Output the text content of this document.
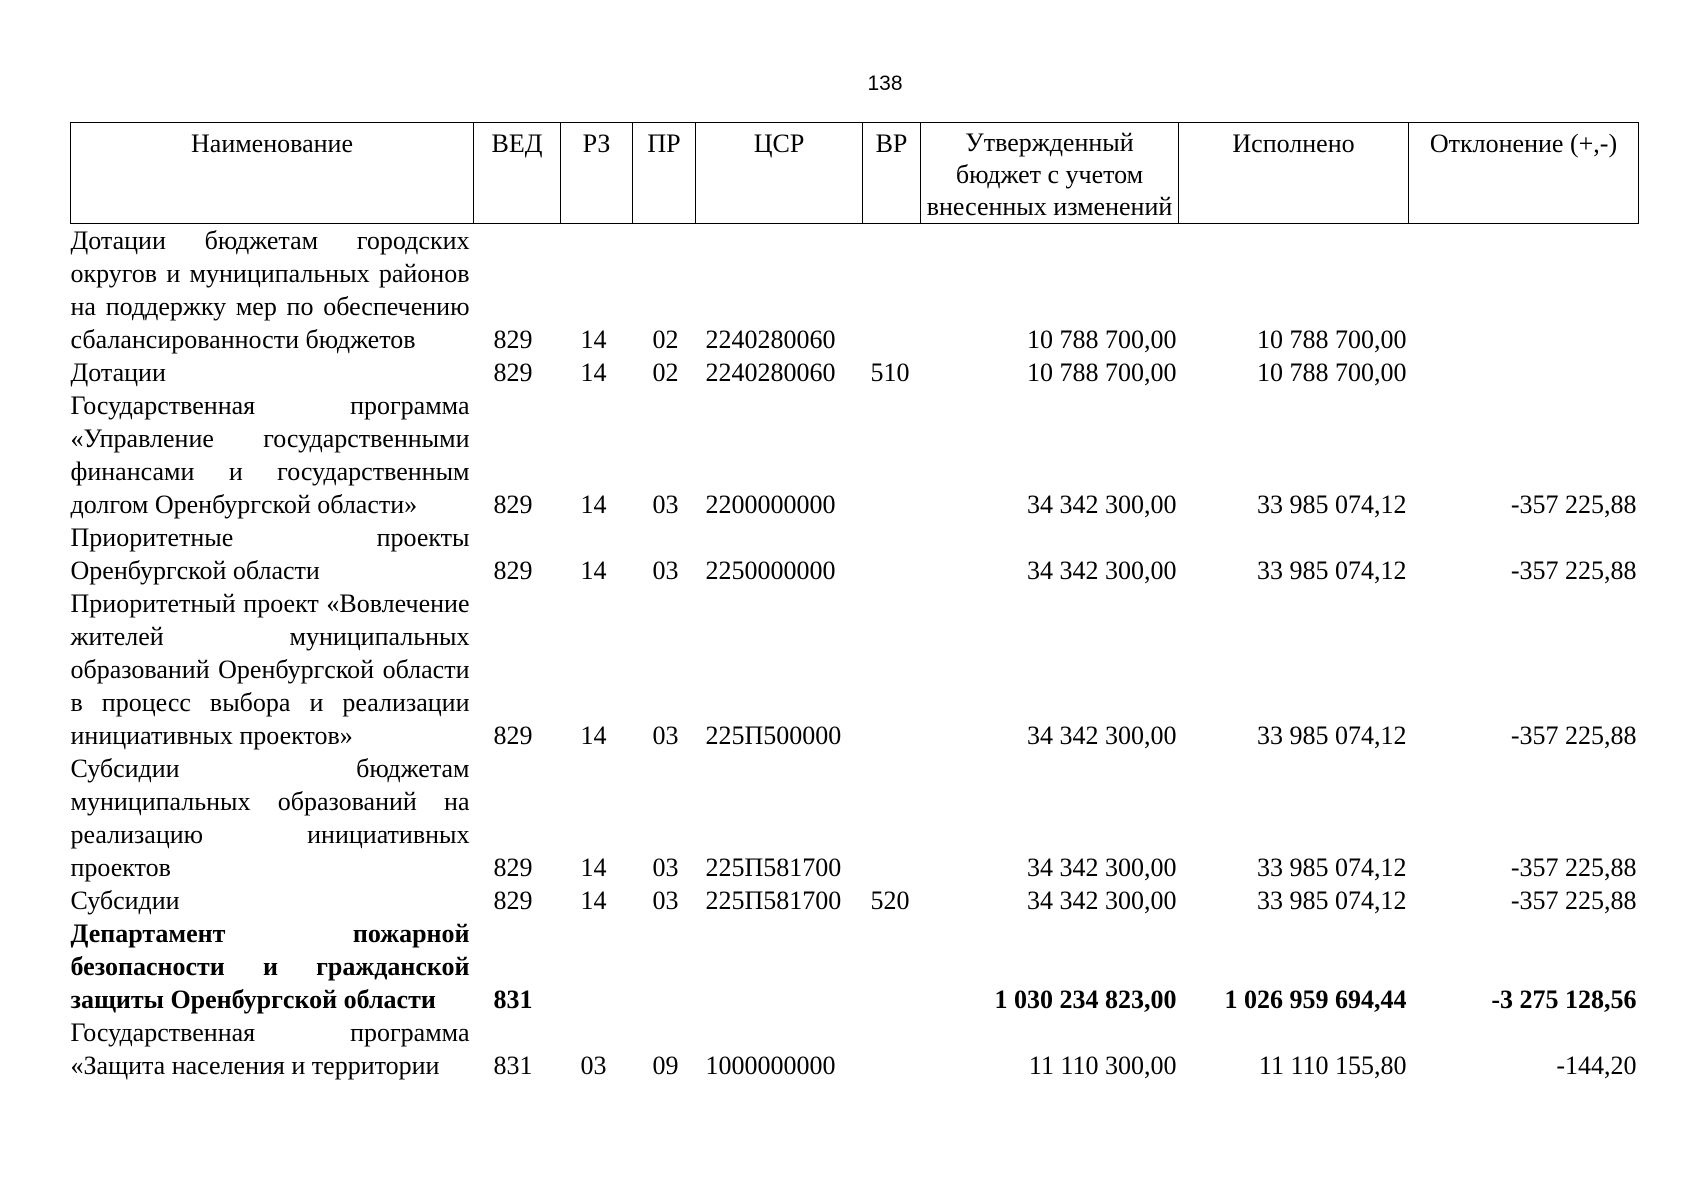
138
Наименование	ВЕД	РЗ	ПР	ЦСР	ВР	Утвержденный бюджет с учетом внесенных изменений	Исполнено	Отклонение (+,-)
Дотации бюджетам городских округов и муниципальных районов на поддержку мер по обеспечению сбалансированности бюджетов	829	14	02	2240280060		10 788 700,00	10 788 700,00	
Дотации	829	14	02	2240280060	510	10 788 700,00	10 788 700,00	
Государственная программа «Управление государственными финансами и государственным долгом Оренбургской области»	829	14	03	2200000000		34 342 300,00	33 985 074,12	-357 225,88
Приоритетные проекты Оренбургской области	829	14	03	2250000000		34 342 300,00	33 985 074,12	-357 225,88
Приоритетный проект «Вовлечение жителей муниципальных образований Оренбургской области в процесс выбора и реализации инициативных проектов»	829	14	03	225П500000		34 342 300,00	33 985 074,12	-357 225,88
Субсидии бюджетам муниципальных образований на реализацию инициативных проектов	829	14	03	225П581700		34 342 300,00	33 985 074,12	-357 225,88
Субсидии	829	14	03	225П581700	520	34 342 300,00	33 985 074,12	-357 225,88
Департамент пожарной безопасности и гражданской защиты Оренбургской области	831					1 030 234 823,00	1 026 959 694,44	-3 275 128,56
Государственная программа «Защита населения и территории	831	03	09	1000000000		11 110 300,00	11 110 155,80	-144,20
